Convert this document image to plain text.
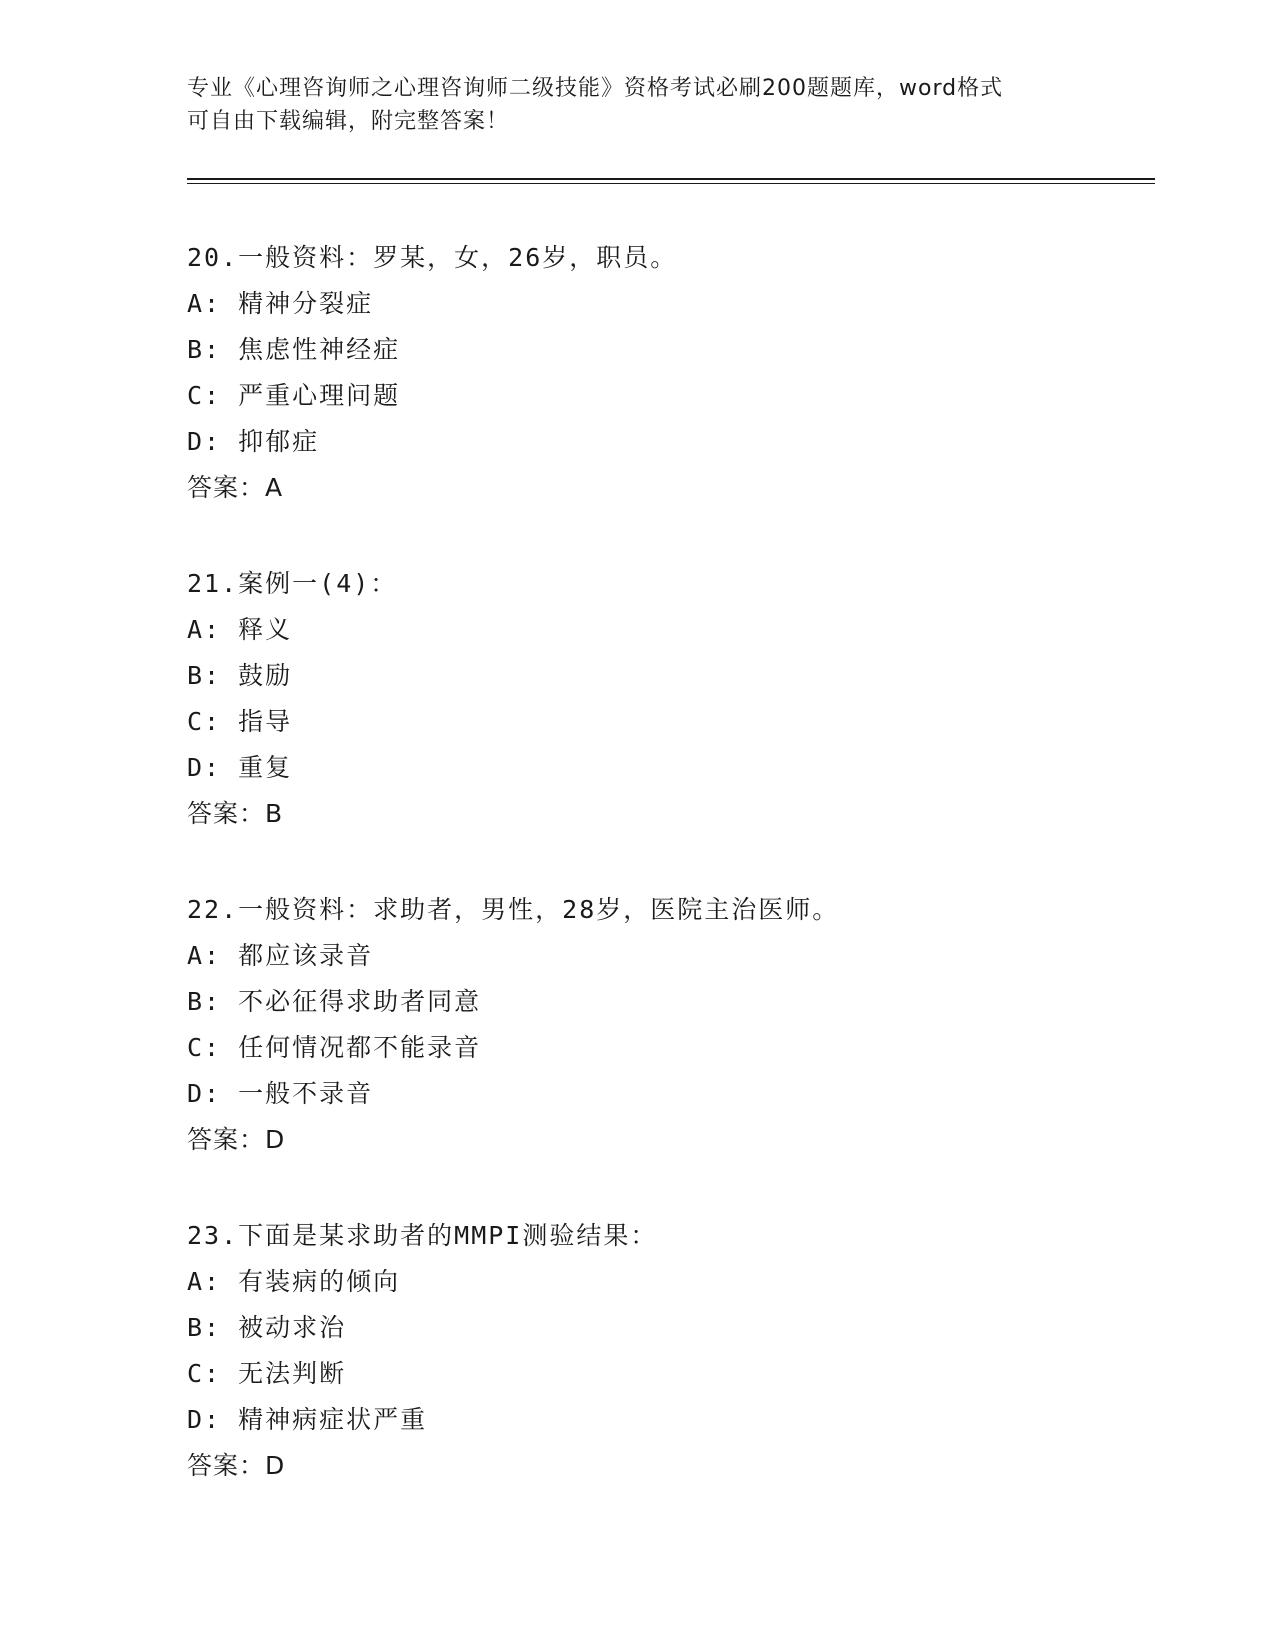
专业《心理咨询师之心理咨询师二级技能》资格考试必刷200题题库，word格式
可自由下载编辑，附完整答案！
20.一般资料：罗某，女，26岁，职员。
A: 精神分裂症
B: 焦虑性神经症
C: 严重心理问题
D: 抑郁症
答案：A
21.案例一(4)：
A: 释义
B: 鼓励
C: 指导
D: 重复
答案：B
22.一般资料：求助者，男性，28岁，医院主治医师。
A: 都应该录音
B: 不必征得求助者同意
C: 任何情况都不能录音
D: 一般不录音
答案：D
23.下面是某求助者的MMPI测验结果：
A: 有装病的倾向
B: 被动求治
C: 无法判断
D: 精神病症状严重
答案：D
